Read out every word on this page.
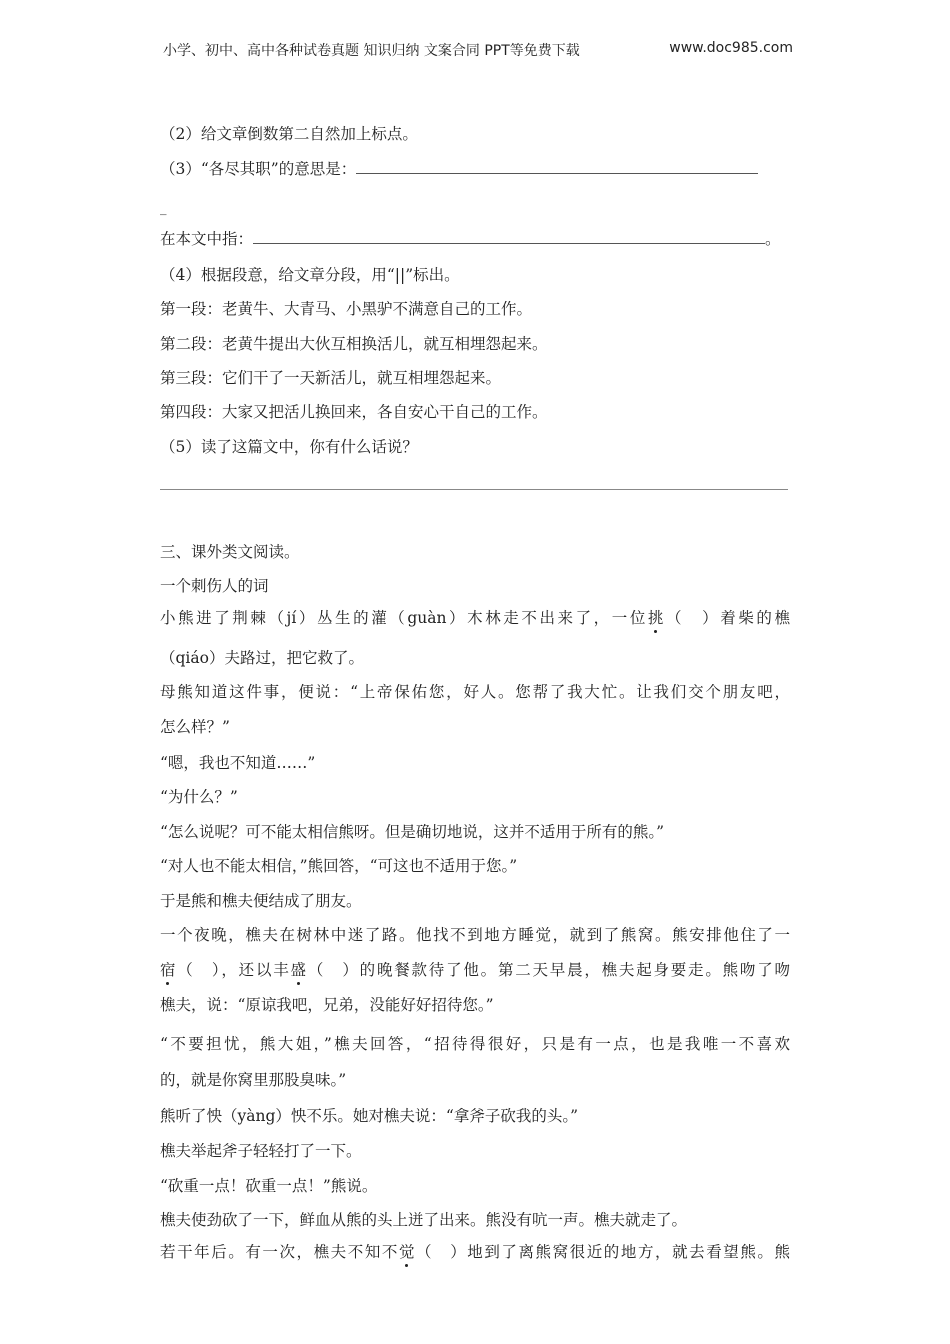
小学、初中、高中各种试卷真题 知识归纳 文案合同 PPT等免费下载	www.doc985.com
（2）给文章倒数第二自然加上标点。
（3）“各尽其职”的意思是：
_
在本文中指：	。
（4）根据段意，给文章分段，用“||”标出。
第一段：老黄牛、大青马、小黑驴不满意自己的工作。
第二段：老黄牛提出大伙互相换活儿，就互相埋怨起来。
第三段：它们干了一天新活儿，就互相埋怨起来。
第四段：大家又把活儿换回来，各自安心干自己的工作。
（5）读了这篇文中，你有什么话说？
三、课外类文阅读。
一个刺伤人的词
小熊进了荆棘（jí）丛生的灌（guàn）木林走不出来了，一位挑（　）着柴的樵
（qiáo）夫路过，把它救了。
母熊知道这件事，便说：“上帝保佑您，好人。您帮了我大忙。让我们交个朋友吧，
怎么样？”
“嗯，我也不知道……”
“为什么？”
“怎么说呢？可不能太相信熊呀。但是确切地说，这并不适用于所有的熊。”
“对人也不能太相信，”熊回答，“可这也不适用于您。”
于是熊和樵夫便结成了朋友。
一个夜晚，樵夫在树林中迷了路。他找不到地方睡觉，就到了熊窝。熊安排他住了一
宿（　），还以丰盛（　）的晚餐款待了他。第二天早晨，樵夫起身要走。熊吻了吻
樵夫，说：“原谅我吧，兄弟，没能好好招待您。”
“不要担忧，熊大姐，”樵夫回答，“招待得很好，只是有一点，也是我唯一不喜欢
的，就是你窝里那股臭味。”
熊听了怏（yàng）怏不乐。她对樵夫说：“拿斧子砍我的头。”
樵夫举起斧子轻轻打了一下。
“砍重一点！砍重一点！”熊说。
樵夫使劲砍了一下，鲜血从熊的头上迸了出来。熊没有吭一声。樵夫就走了。
若干年后。有一次，樵夫不知不觉（　）地到了离熊窝很近的地方，就去看望熊。熊
